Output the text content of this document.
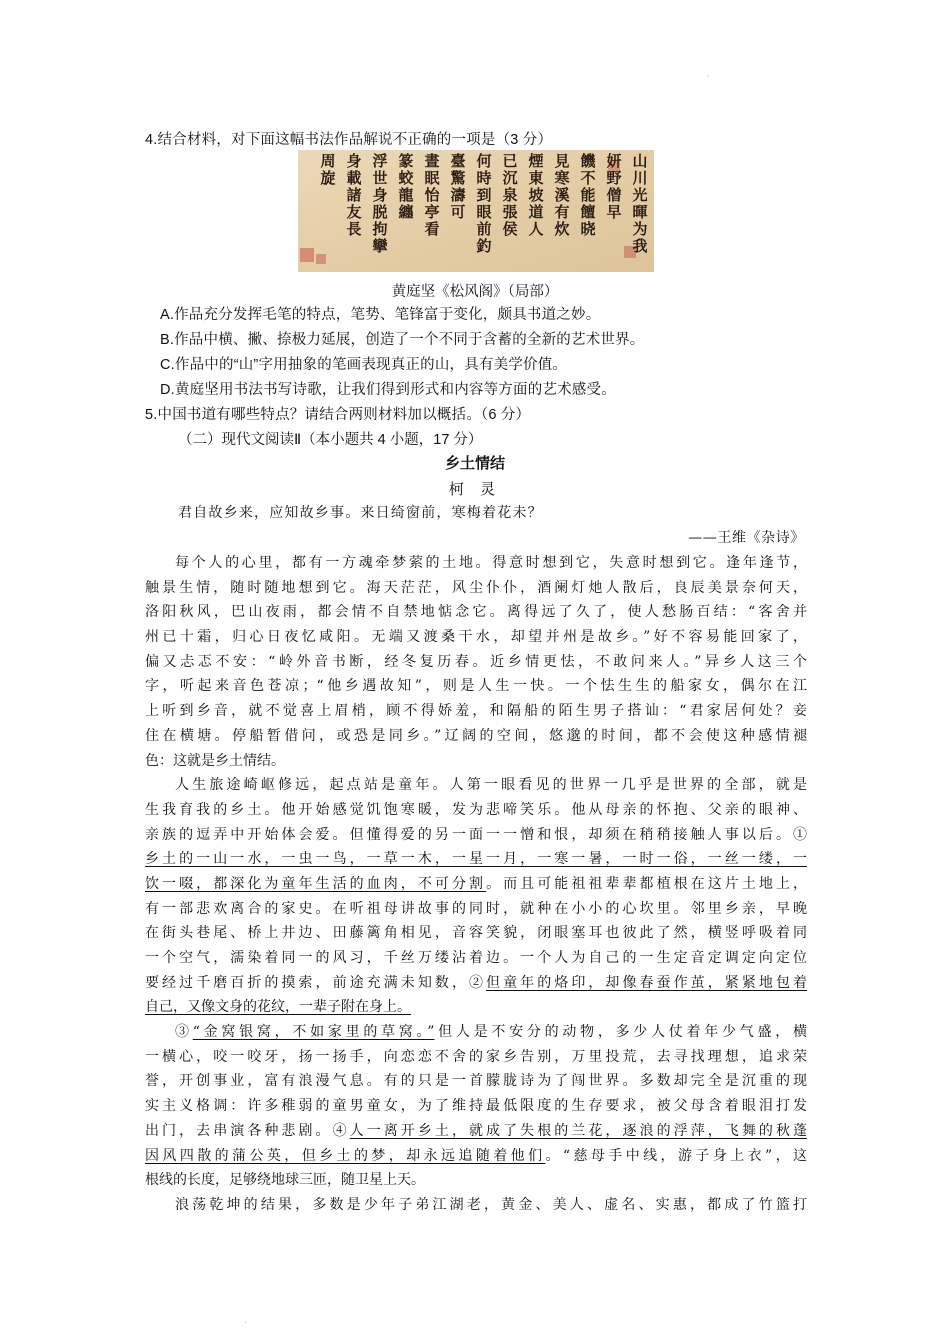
·
4.结合材料，对下面这幅书法作品解说不正确的一项是（3 分）
山
川
光
暉
为
我
妍
野
僧
早
饑
不
能
饘
晓
見
寒
溪
有
炊
煙
東
坡
道
人
已
沉
泉
張
侯
何
時
到
眼
前
釣
臺
驚
濤
可
晝
眠
怡
亭
看
篆
蛟
龍
纏
浮
世
身
脱
拘
攣
身
載
諸
友
長
周
旋
黄庭坚《松风阁》（局部）
A.作品充分发挥毛笔的特点，笔势、笔锋富于变化，颇具书道之妙。
B.作品中横、撇、捺极力延展，创造了一个不同于含蓄的全新的艺术世界。
C.作品中的“山”字用抽象的笔画表现真正的山，具有美学价值。
D.黄庭坚用书法书写诗歌，让我们得到形式和内容等方面的艺术感受。
5.中国书道有哪些特点？请结合两则材料加以概括。（6 分）
（二）现代文阅读Ⅱ（本小题共 4 小题，17 分）
乡土情结
柯 灵
君自故乡来，应知故乡事。来日绮窗前，寒梅着花未？
——王维《杂诗》
每个人的心里，都有一方魂牵梦萦的土地。得意时想到它，失意时想到它。逢年逢节，
触景生情，随时随地想到它。海天茫茫，风尘仆仆，酒阑灯灺人散后，良辰美景奈何天，
洛阳秋风，巴山夜雨，都会情不自禁地惦念它。离得远了久了，使人愁肠百结：“客舍并
州已十霜，归心日夜忆咸阳。无端又渡桑干水，却望并州是故乡。”好不容易能回家了，
偏又忐忑不安：“岭外音书断，经冬复历春。近乡情更怯，不敢问来人。”异乡人这三个
字，听起来音色苍凉；“他乡遇故知”，则是人生一快。一个怯生生的船家女，偶尔在江
上听到乡音，就不觉喜上眉梢，顾不得娇羞，和隔船的陌生男子搭讪：“君家居何处？妾
住在横塘。停船暂借问，或恐是同乡。”辽阔的空间，悠邈的时间，都不会使这种感情褪
色：这就是乡土情结。
人生旅途崎岖修远，起点站是童年。人第一眼看见的世界一几乎是世界的全部，就是
生我育我的乡土。他开始感觉饥饱寒暖，发为悲啼笑乐。他从母亲的怀抱、父亲的眼神、
亲族的逗弄中开始体会爱。但懂得爱的另一面一一憎和恨，却须在稍稍接触人事以后。①
乡土的一山一水，一虫一鸟，一草一木，一星一月，一寒一暑，一时一俗，一丝一缕，一
饮一啜，都深化为童年生活的血肉，不可分割。而且可能祖祖辈辈都植根在这片土地上，
有一部悲欢离合的家史。在听祖母讲故事的同时，就种在小小的心坎里。邻里乡亲，早晚
在街头巷尾、桥上井边、田藤篱角相见，音容笑貌，闭眼塞耳也彼此了然，横竖呼吸着同
一个空气，濡染着同一的风习，千丝万缕沾着边。一个人为自己的一生定音定调定向定位
要经过千磨百折的摸索，前途充满未知数，②但童年的烙印，却像春蚕作茧，紧紧地包着
自己，又像文身的花纹，一辈子附在身上。
③“金窝银窝，不如家里的草窝。”但人是不安分的动物，多少人仗着年少气盛，横
一横心，咬一咬牙，扬一扬手，向恋恋不舍的家乡告别，万里投荒，去寻找理想，追求荣
誉，开创事业，富有浪漫气息。有的只是一首朦胧诗为了闯世界。多数却完全是沉重的现
实主义格调：许多稚弱的童男童女，为了维持最低限度的生存要求，被父母含着眼泪打发
出门，去串演各种悲剧。④人一离开乡土，就成了失根的兰花，逐浪的浮萍，飞舞的秋蓬
因风四散的蒲公英，但乡土的梦，却永远追随着他们。“慈母手中线，游子身上衣”，这
根线的长度，足够绕地球三匝，随卫星上天。
浪荡乾坤的结果，多数是少年子弟江湖老，黄金、美人、虚名、实惠，都成了竹篮打
·
